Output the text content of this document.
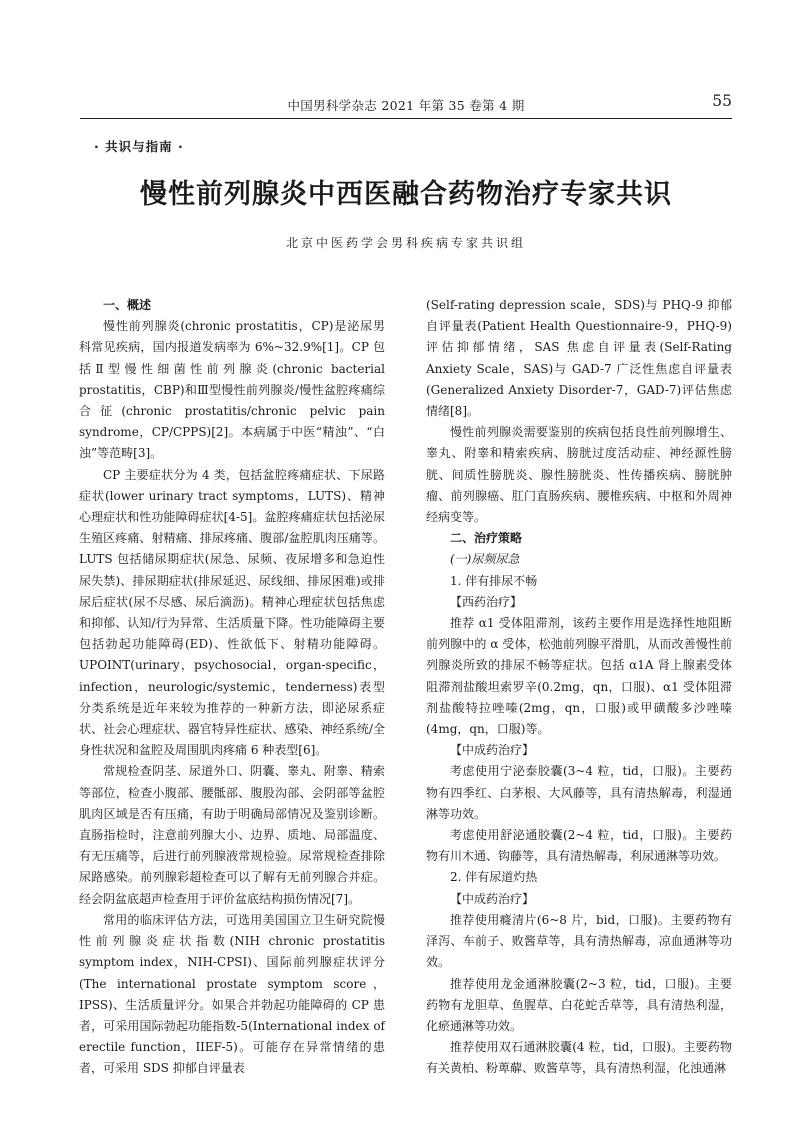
中国男科学杂志 2021 年第 35 卷第 4 期	55
· 共识与指南 ·
慢性前列腺炎中西医融合药物治疗专家共识
北京中医药学会男科疾病专家共识组

一、概述

慢性前列腺炎(chronic prostatitis，CP)是泌尿男科常见疾病，国内报道发病率为 6%~32.9%[1]。CP 包括Ⅱ型慢性细菌性前列腺炎(chronic bacterial prostatitis，CBP)和Ⅲ型慢性前列腺炎/慢性盆腔疼痛综合征(chronic prostatitis/chronic pelvic pain syndrome，CP/CPPS)[2]。本病属于中医“精浊”、“白浊”等范畴[3]。

CP 主要症状分为 4 类，包括盆腔疼痛症状、下尿路症状(lower urinary tract symptoms，LUTS)、精神心理症状和性功能障碍症状[4-5]。盆腔疼痛症状包括泌尿生殖区疼痛、射精痛、排尿疼痛、腹部/盆腔肌肉压痛等。LUTS 包括储尿期症状(尿急、尿频、夜尿增多和急迫性尿失禁)、排尿期症状(排尿延迟、尿线细、排尿困难)或排尿后症状(尿不尽感、尿后滴沥)。精神心理症状包括焦虑和抑郁、认知/行为异常、生活质量下降。性功能障碍主要包括勃起功能障碍(ED)、性欲低下、射精功能障碍。UPOINT(urinary，psychosocial，organ-specific，infection，neurologic/systemic，tenderness)表型分类系统是近年来较为推荐的一种新方法，即泌尿系症状、社会心理症状、器官特异性症状、感染、神经系统/全身性状况和盆腔及周围肌肉疼痛 6 种表型[6]。

常规检查阴茎、尿道外口、阴囊、睾丸、附睾、精索等部位，检查小腹部、腰骶部、腹股沟部、会阴部等盆腔肌肉区域是否有压痛，有助于明确局部情况及鉴别诊断。直肠指检时，注意前列腺大小、边界、质地、局部温度、有无压痛等，后进行前列腺液常规检验。尿常规检查排除尿路感染。前列腺彩超检查可以了解有无前列腺合并症。经会阴盆底超声检查用于评价盆底结构损伤情况[7]。

常用的临床评估方法，可选用美国国立卫生研究院慢性前列腺炎症状指数(NIH chronic prostatitis symptom index，NIH-CPSI)、国际前列腺症状评分(The international prostate symptom score，IPSS)、生活质量评分。如果合并勃起功能障碍的 CP 患者，可采用国际勃起功能指数-5(International index of erectile function，IIEF-5)。可能存在异常情绪的患者，可采用 SDS 抑郁自评量表

(Self-rating depression scale，SDS)与 PHQ-9 抑郁自评量表(Patient Health Questionnaire-9，PHQ-9)评估抑郁情绪，SAS 焦虑自评量表(Self-Rating Anxiety Scale，SAS)与 GAD-7 广泛性焦虑自评量表(Generalized Anxiety Disorder-7，GAD-7)评估焦虑情绪[8]。

慢性前列腺炎需要鉴别的疾病包括良性前列腺增生、睾丸、附睾和精索疾病、膀胱过度活动症、神经源性膀胱、间质性膀胱炎、腺性膀胱炎、性传播疾病、膀胱肿瘤、前列腺癌、肛门直肠疾病、腰椎疾病、中枢和外周神经病变等。

二、治疗策略

(一)尿频尿急

1. 伴有排尿不畅

【西药治疗】

推荐 α1 受体阻滞剂，该药主要作用是选择性地阻断前列腺中的 α 受体，松弛前列腺平滑肌，从而改善慢性前列腺炎所致的排尿不畅等症状。包括 α1A 肾上腺素受体阻滞剂盐酸坦索罗辛(0.2mg，qn，口服)、α1 受体阻滞剂盐酸特拉唑嗪(2mg，qn，口服)或甲磺酸多沙唑嗪(4mg，qn，口服)等。

【中成药治疗】

考虑使用宁泌泰胶囊(3~4 粒，tid，口服)。主要药物有四季红、白茅根、大风藤等，具有清热解毒，利湿通淋等功效。

考虑使用舒泌通胶囊(2~4 粒，tid，口服)。主要药物有川木通、钩藤等，具有清热解毒，利尿通淋等功效。

2. 伴有尿道灼热

【中成药治疗】

推荐使用癃清片(6~8 片，bid，口服)。主要药物有泽泻、车前子、败酱草等，具有清热解毒，凉血通淋等功效。

推荐使用龙金通淋胶囊(2~3 粒，tid，口服)。主要药物有龙胆草、鱼腥草、白花蛇舌草等，具有清热利湿，化瘀通淋等功效。

推荐使用双石通淋胶囊(4 粒，tid，口服)。主要药物有关黄柏、粉萆薢、败酱草等，具有清热利湿，化浊通淋
